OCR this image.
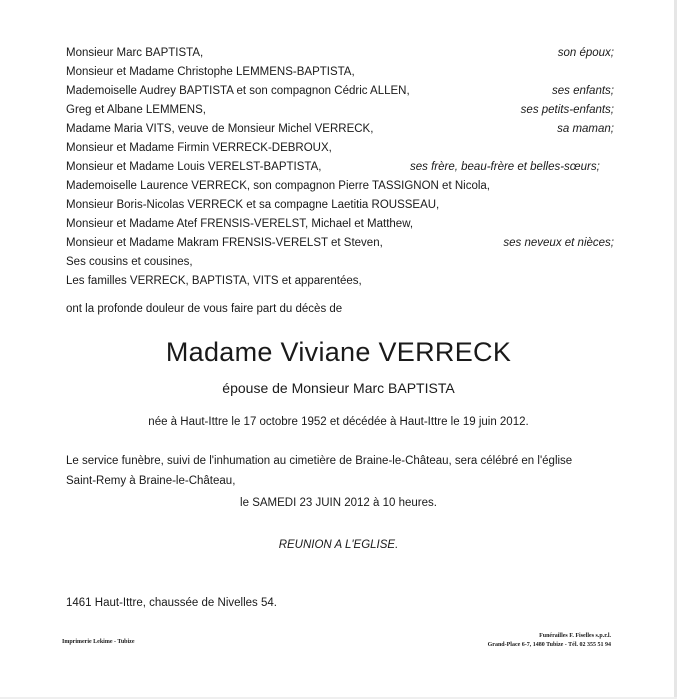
Monsieur Marc BAPTISTA,	son époux;
Monsieur et Madame Christophe LEMMENS-BAPTISTA,
Mademoiselle Audrey BAPTISTA et son compagnon Cédric ALLEN,	ses enfants;
Greg et Albane LEMMENS,	ses petits-enfants;
Madame Maria VITS, veuve de Monsieur Michel VERRECK,	sa maman;
Monsieur et Madame Firmin VERRECK-DEBROUX,
Monsieur et Madame Louis VERELST-BAPTISTA,	ses frère, beau-frère et belles-sœurs;
Mademoiselle Laurence VERRECK, son compagnon Pierre TASSIGNON et Nicola,
Monsieur Boris-Nicolas VERRECK et sa compagne Laetitia ROUSSEAU,
Monsieur et Madame Atef FRENSIS-VERELST, Michael et Matthew,
Monsieur et Madame Makram FRENSIS-VERELST et Steven,	ses neveux et nièces;
Ses cousins et cousines,
Les familles VERRECK, BAPTISTA, VITS et apparentées,
ont la profonde douleur de vous faire part du décès de
Madame Viviane VERRECK
épouse de Monsieur Marc BAPTISTA
née à Haut-Ittre le 17 octobre 1952 et décédée à Haut-Ittre le 19 juin 2012.
Le service funèbre, suivi de l'inhumation au cimetière de Braine-le-Château, sera célébré en l'église
Saint-Remy à Braine-le-Château,
le SAMEDI 23 JUIN 2012 à 10 heures.
REUNION A L'EGLISE.
1461 Haut-Ittre, chaussée de Nivelles 54.
Imprimerie Lekime - Tubize
Funérailles F. Fiselles s.p.r.l.
Grand-Place 6-7, 1480 Tubize - Tél. 02 355 51 94
